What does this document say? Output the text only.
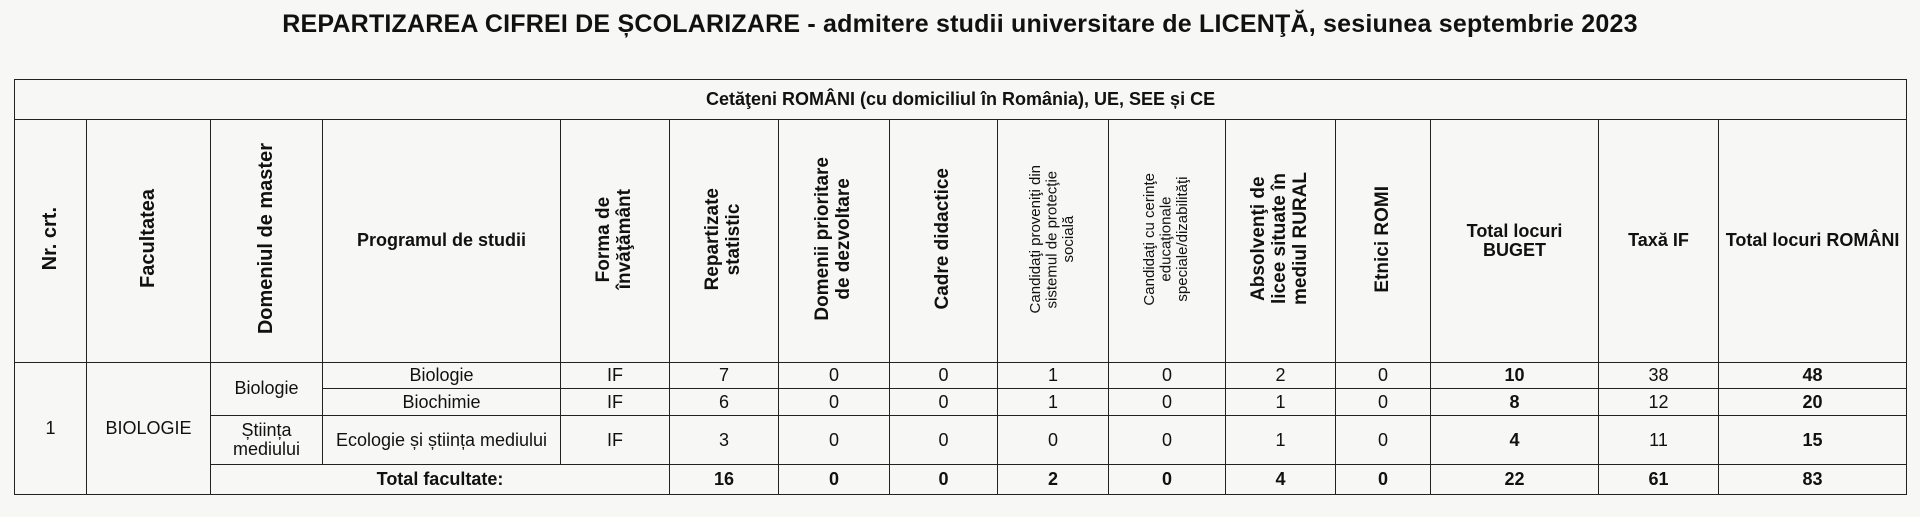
REPARTIZAREA CIFREI DE ȘCOLARIZARE - admitere studii universitare de LICENŢĂ, sesiunea septembrie 2023
Cetăţeni ROMÂNI (cu domiciliul în România), UE, SEE și CE														
Nr. crt.	Facultatea	Domeniul de master	Programul de studii	Forma de
învăţământ	Repartizate
statistic	Domenii prioritare
de dezvoltare	Cadre didactice	Candidaţi proveniţi din
sistemul de protecţie
socială	Candidaţi cu cerinţe
educaţionale
speciale/dizabilităţi	Absolvenţi de
licee situate în
mediul RURAL	Etnici ROMI	Total locuri BUGET	Taxă IF	Total locuri ROMÂNI
1	BIOLOGIE	Biologie	Biologie	IF	7	0	0	1	0	2	0	10	38	48
			Biochimie	IF	6	0	0	1	0	1	0	8	12	20
		Știința mediului	Ecologie și știința mediului	IF	3	0	0	0	0	1	0	4	11	15
		Total facultate:			16	0	0	2	0	4	0	22	61	83
